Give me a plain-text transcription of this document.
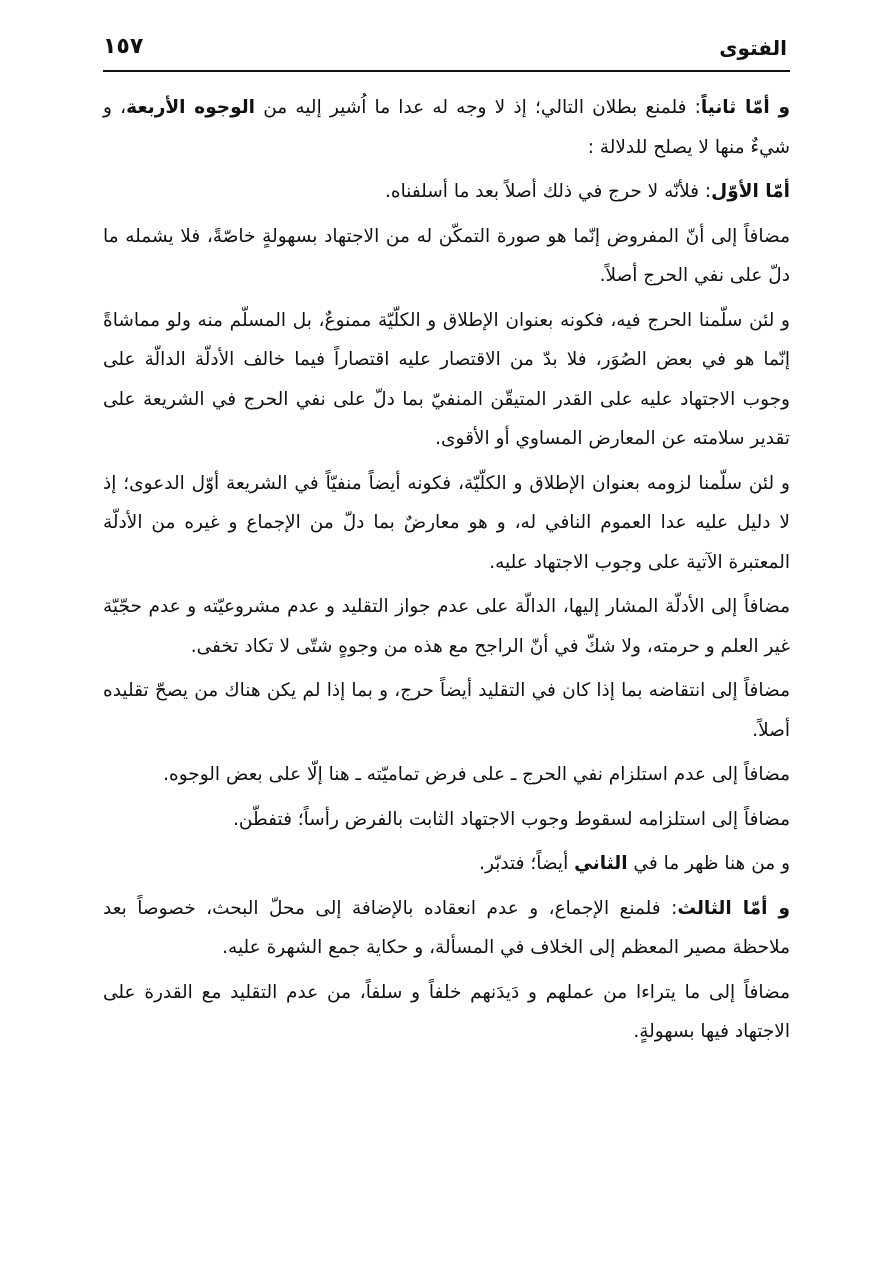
الفتوى
١٥٧

و أمّا ثانياً: فلمنع بطلان التالي؛ إذ لا وجه له عدا ما اُشير إليه من الوجوه الأربعة، و شيءٌ منها لا يصلح للدلالة :

أمّا الأوّل: فلأنّه لا حرج في ذلك أصلاً بعد ما أسلفناه.

مضافاً إلى أنّ المفروض إنّما هو صورة التمكّن له من الاجتهاد بسهولةٍ خاصّةً، فلا يشمله ما دلّ على نفي الحرج أصلاً.

و لئن سلّمنا الحرج فيه، فكونه بعنوان الإطلاق و الكلّيّة ممنوعٌ، بل المسلّم منه ولو مماشاةً إنّما هو في بعض الصُوَر، فلا بدّ من الاقتصار عليه اقتصاراً فيما خالف الأدلّة الدالّة على وجوب الاجتهاد عليه على القدر المتيقّن المنفيّ بما دلّ على نفي الحرج في الشريعة على تقدير سلامته عن المعارض المساوي أو الأقوى.

و لئن سلّمنا لزومه بعنوان الإطلاق و الكلّيّة، فكونه أيضاً منفيّاً في الشريعة أوّل الدعوى؛ إذ لا دليل عليه عدا العموم النافي له، و هو معارضٌ بما دلّ من الإجماع و غيره من الأدلّة المعتبرة الآتية على وجوب الاجتهاد عليه.

مضافاً إلى الأدلّة المشار إليها، الدالّة على عدم جواز التقليد و عدم مشروعيّته و عدم حجّيّة غير العلم و حرمته، ولا شكّ في أنّ الراجح مع هذه من وجوهٍ شتّى لا تكاد تخفى.

مضافاً إلى انتقاضه بما إذا كان في التقليد أيضاً حرج، و بما إذا لم يكن هناك من يصحّ تقليده أصلاً.

مضافاً إلى عدم استلزام نفي الحرج ـ على فرض تماميّته ـ هنا إلّا على بعض الوجوه.

مضافاً إلى استلزامه لسقوط وجوب الاجتهاد الثابت بالفرض رأساً؛ فتفطّن.

و من هنا ظهر ما في الثاني أيضاً؛ فتدبّر.

و أمّا الثالث: فلمنع الإجماع، و عدم انعقاده بالإضافة إلى محلّ البحث، خصوصاً بعد ملاحظة مصير المعظم إلى الخلاف في المسألة، و حكاية جمع الشهرة عليه.

مضافاً إلى ما يتراءا من عملهم و دَيدَنهم خلفاً و سلفاً، من عدم التقليد مع القدرة على الاجتهاد فيها بسهولةٍ.
